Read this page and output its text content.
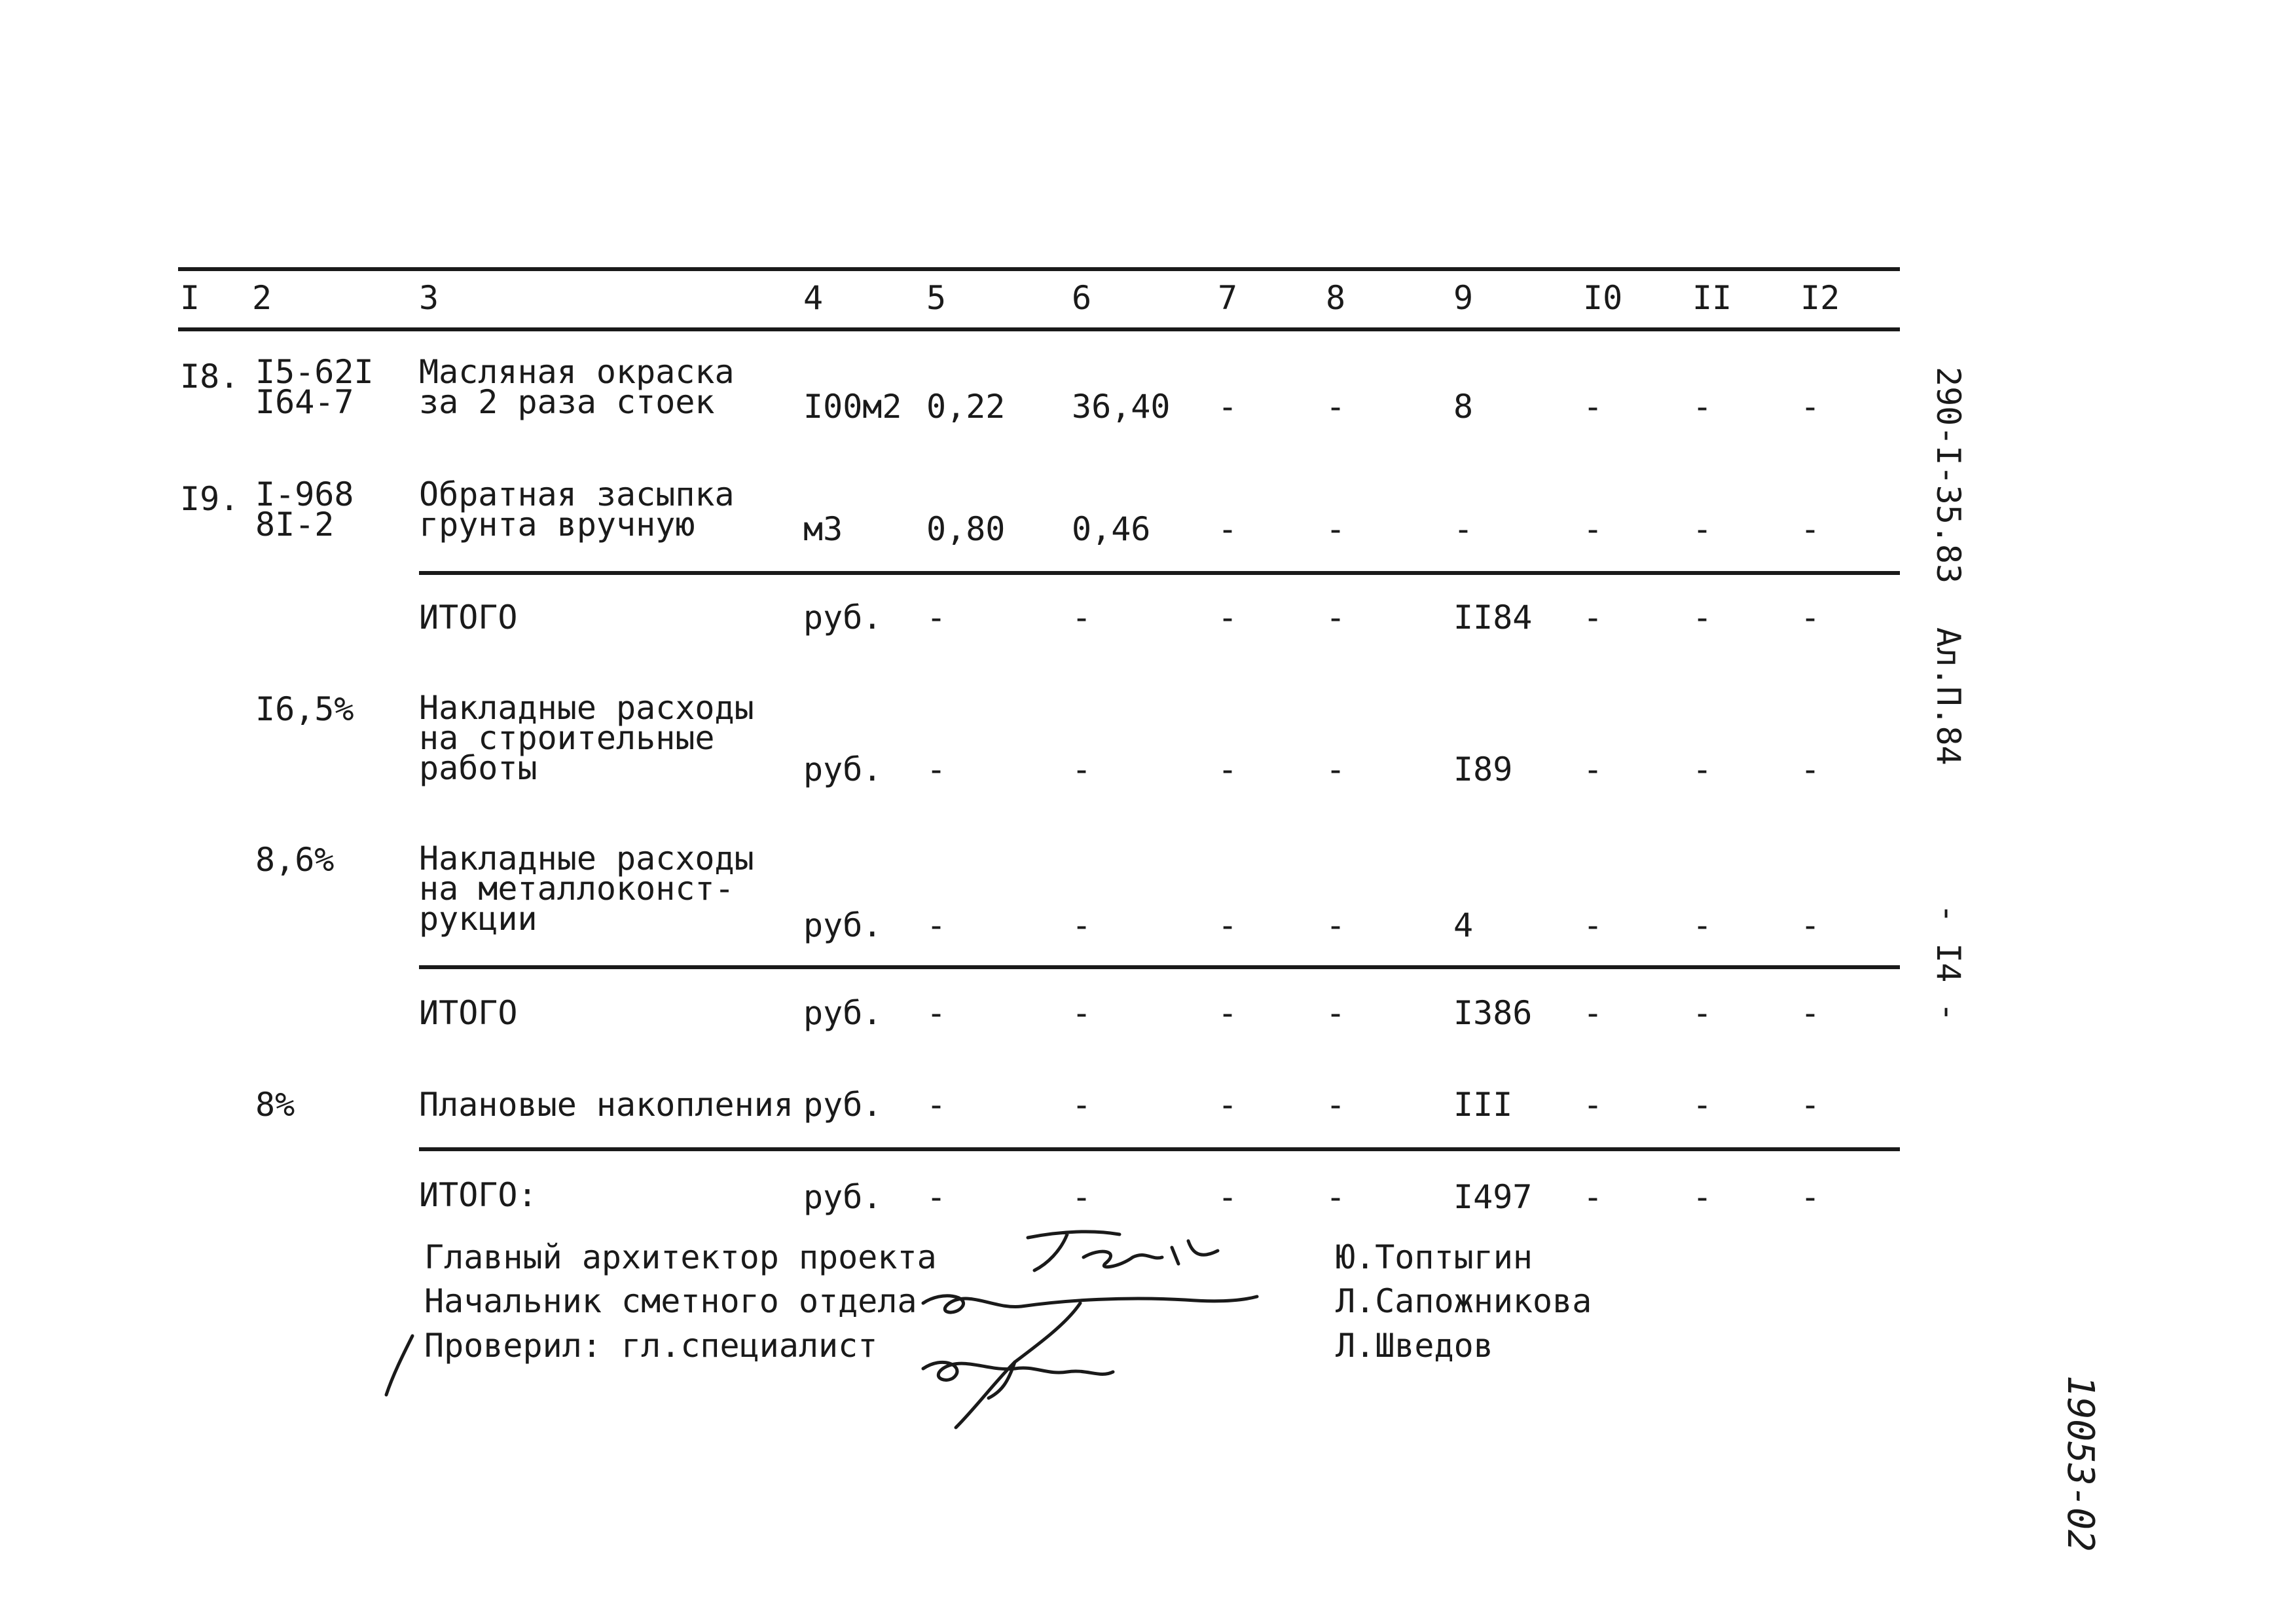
I 2	3	4	5	6	7	8	9	I0 II I2
I8. I5-62I
I64-7
Масляная окраска
за 2 раза стоек	I00м2 0,22 36,40 -	-	8	-	-	-
I9. I-968
8I-2
Обратная засыпка
грунта вручную	м3	0,80 0,46 -	-	-	-	-	-
ИТОГО	руб. -	-	-	-	II84 -	-	-
I6,5% Накладные расходы
на строительные
работы	руб. -	-	-	-	I89 -	-	-
8,6%	Накладные расходы
на металлоконст-
рукции	руб. -	-	-	-	4	-	-	-
ИТОГО	руб. -	-	-	-	I386 -	-	-
8%	Плановые накопления руб. -	-	-	-	III -	-	-
ИТОГО:	руб. -	-	-	-	I497 -	-	-
Главный архитектор проекта	Ю.Топтыгин
Начальник сметного отдела	Л.Сапожникова
Проверил: гл.специалист	Л.Шведов
290-I-35.83
Ал.П.84
- I4 -
19053-02
